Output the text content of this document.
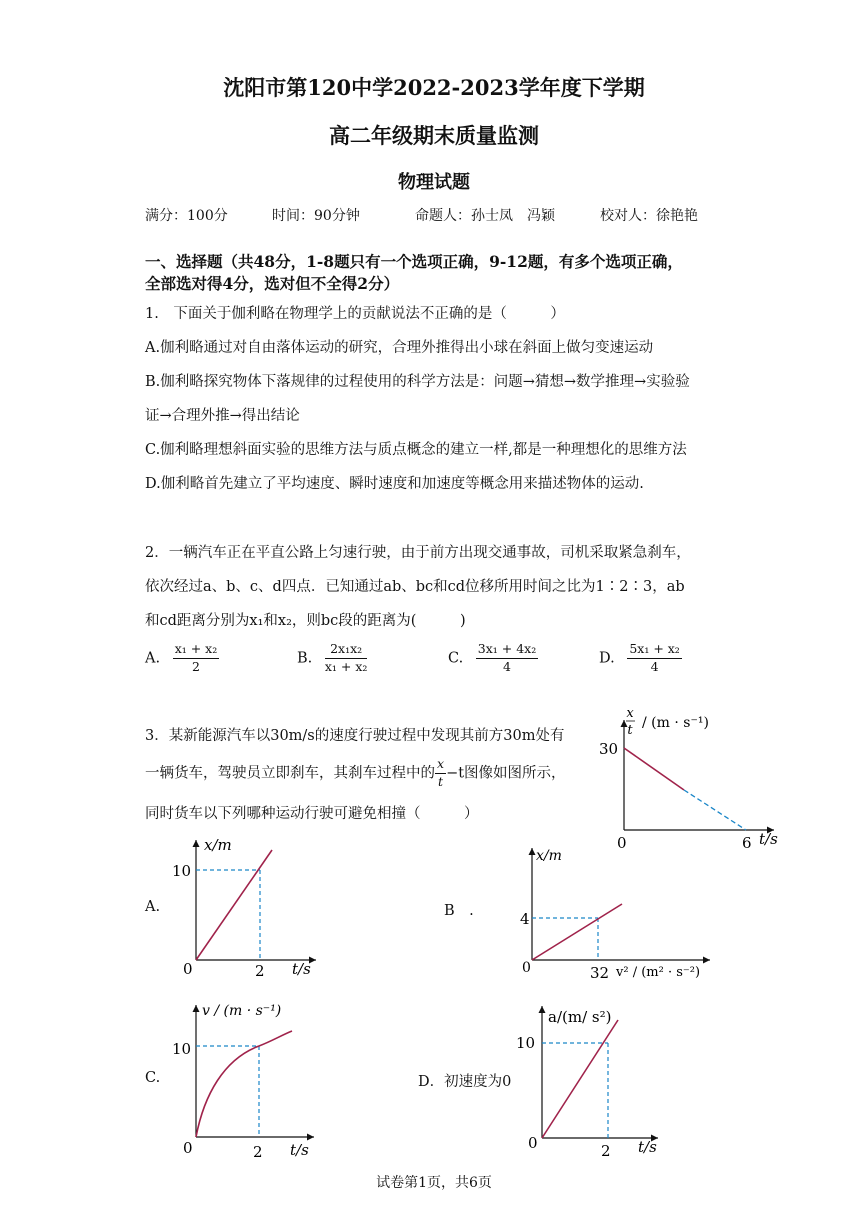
沈阳市第120中学2022-2023学年度下学期
高二年级期末质量监测
物理试题
满分：100分	时间：90分钟	命题人：孙士凤　冯颖	校对人：徐艳艳
一、选择题（共48分，1-8题只有一个选项正确，9-12题，有多个选项正确，
全部选对得4分，选对但不全得2分）
1.　下面关于伽利略在物理学上的贡献说法不正确的是（　　　）
A.伽利略通过对自由落体运动的研究，合理外推得出小球在斜面上做匀变速运动
B.伽利略探究物体下落规律的过程使用的科学方法是：问题→猜想→数学推理→实验验
证→合理外推→得出结论
C.伽利略理想斜面实验的思维方法与质点概念的建立一样,都是一种理想化的思维方法
D.伽利略首先建立了平均速度、瞬时速度和加速度等概念用来描述物体的运动.
2．一辆汽车正在平直公路上匀速行驶，由于前方出现交通事故，司机采取紧急刹车，
依次经过a、b、c、d四点．已知通过ab、bc和cd位移所用时间之比为1∶2∶3，ab
和cd距离分别为x₁和x₂，则bc段的距离为(　　　)
A. $\frac{\text{x₁ + x₂}}{2}$	B. $\frac{\text{2x₁x₂}}{\text{x₁ + x₂}}$	C. $\frac{\text{3x₁ + 4x₂}}{4}$	D. $\frac{\text{5x₁ + x₂}}{4}$
3．某新能源汽车以30m/s的速度行驶过程中发现其前方30m处有
一辆货车，驾驶员立即刹车，其刹车过程中的 $\frac{x}{t} -t$图像如图所示，
同时货车以下列哪种运动行驶可避免相撞（　　　）
x
t / (m · s⁻¹)
30
0	6 t/s
A.
x/m
10
0	2 t/s
B　.
x/m
4
0	32 v² / (m² · s⁻²)
C.
v / (m · s⁻¹)
10
0	2 t/s
D．初速度为0
a/(m/ s²)
10
0	2 t/s
试卷第1页，共6页
